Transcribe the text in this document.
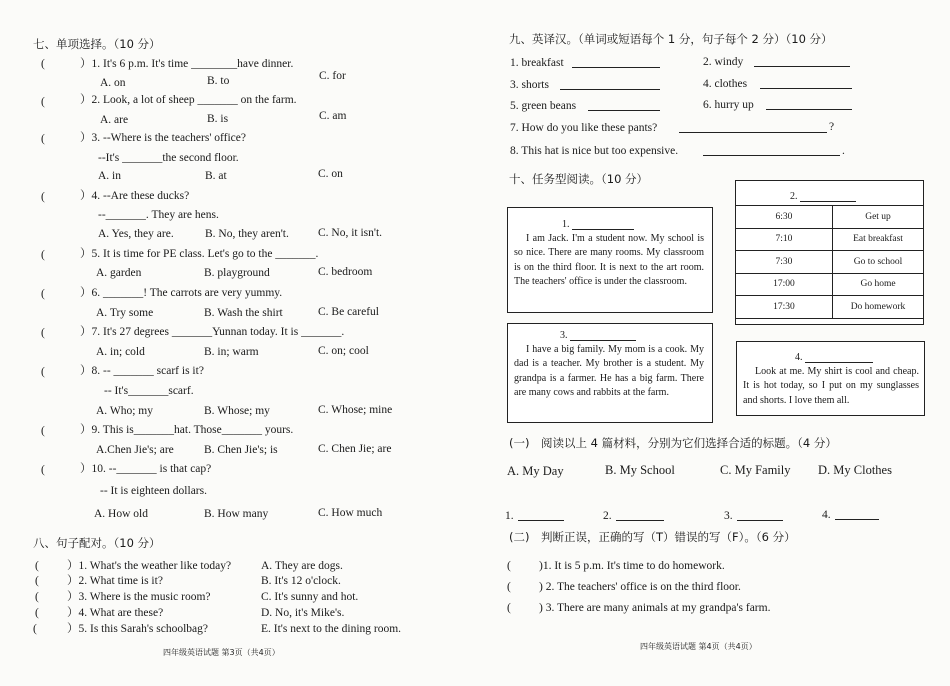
七、单项选择。（10 分）
(	）1. It's 6 p.m. It's time ________have dinner.
A. on	B. to	C. for
(	）2. Look, a lot of sheep _______ on the farm.
A. are	B. is	C. am
(	）3. --Where is the teachers' office?
--It's _______the second floor.
A. in	B. at	C. on
(	）4. --Are these ducks?
--_______. They are hens.
A. Yes, they are.	B. No, they aren't.	C. No, it isn't.
(	）5. It is time for PE class. Let's go to the _______.
A. garden	B. playground	C. bedroom
(	）6. _______! The carrots are very yummy.
A. Try some	B. Wash the shirt	C. Be careful
(	）7. It's 27 degrees _______Yunnan today. It is _______.
A. in; cold	B. in; warm	C. on; cool
(	）8. -- _______ scarf is it?
-- It's_______scarf.
A. Who; my	B. Whose; my	C. Whose; mine
(	）9. This is_______hat. Those_______ yours.
A.Chen Jie's; are	B. Chen Jie's; is	C. Chen Jie; are
(	）10. --_______ is that cap?
-- It is eighteen dollars.
A. How old	B. How many	C. How much
八、句子配对。（10 分）
( ）1. What's the weather like today?	A. They are dogs.
( ）2. What time is it?	B. It's 12 o'clock.
( ）3. Where is the music room?	C. It's sunny and hot.
( ）4. What are these?	D. No, it's Mike's.
(	）5. Is this Sarah's schoolbag?	E. It's next to the dining room.
四年级英语试题 第3页（共4页）
九、英译汉。（单词或短语每个 1 分，句子每个 2 分）（10 分）
1. breakfast	2. windy
3. shorts	4. clothes
5. green beans	6. hurry up
7. How do you like these pants?	?
8. This hat is nice but too expensive.	.
十、任务型阅读。（10 分）
1.
I am Jack. I'm a student now. My school is so nice. There are many rooms. My classroom is on the third floor. It is next to the art room. The teachers' office is under the classroom.
2.
6:30	Get up
7:10	Eat breakfast
7:30	Go to school
17:00	Go home
17:30	Do homework
3.
I have a big family. My mom is a cook. My dad is a teacher. My brother is a student. My grandpa is a farmer. He has a big farm. There are many cows and rabbits at the farm.
4.
Look at me. My shirt is cool and cheap. It is hot today, so I put on my sunglasses and shorts. I love them all.
(一)　阅读以上 4 篇材料，分别为它们选择合适的标题。（4 分）
A. My Day	B. My School	C. My Family D. My Clothes
1.	2.	3.	4.
(二)　判断正误，正确的写（T）错误的写（F）。（6 分）
( )1. It is 5 p.m. It's time to do homework.
( ) 2. The teachers' office is on the third floor.
( ) 3. There are many animals at my grandpa's farm.
四年级英语试题 第4页（共4页）
